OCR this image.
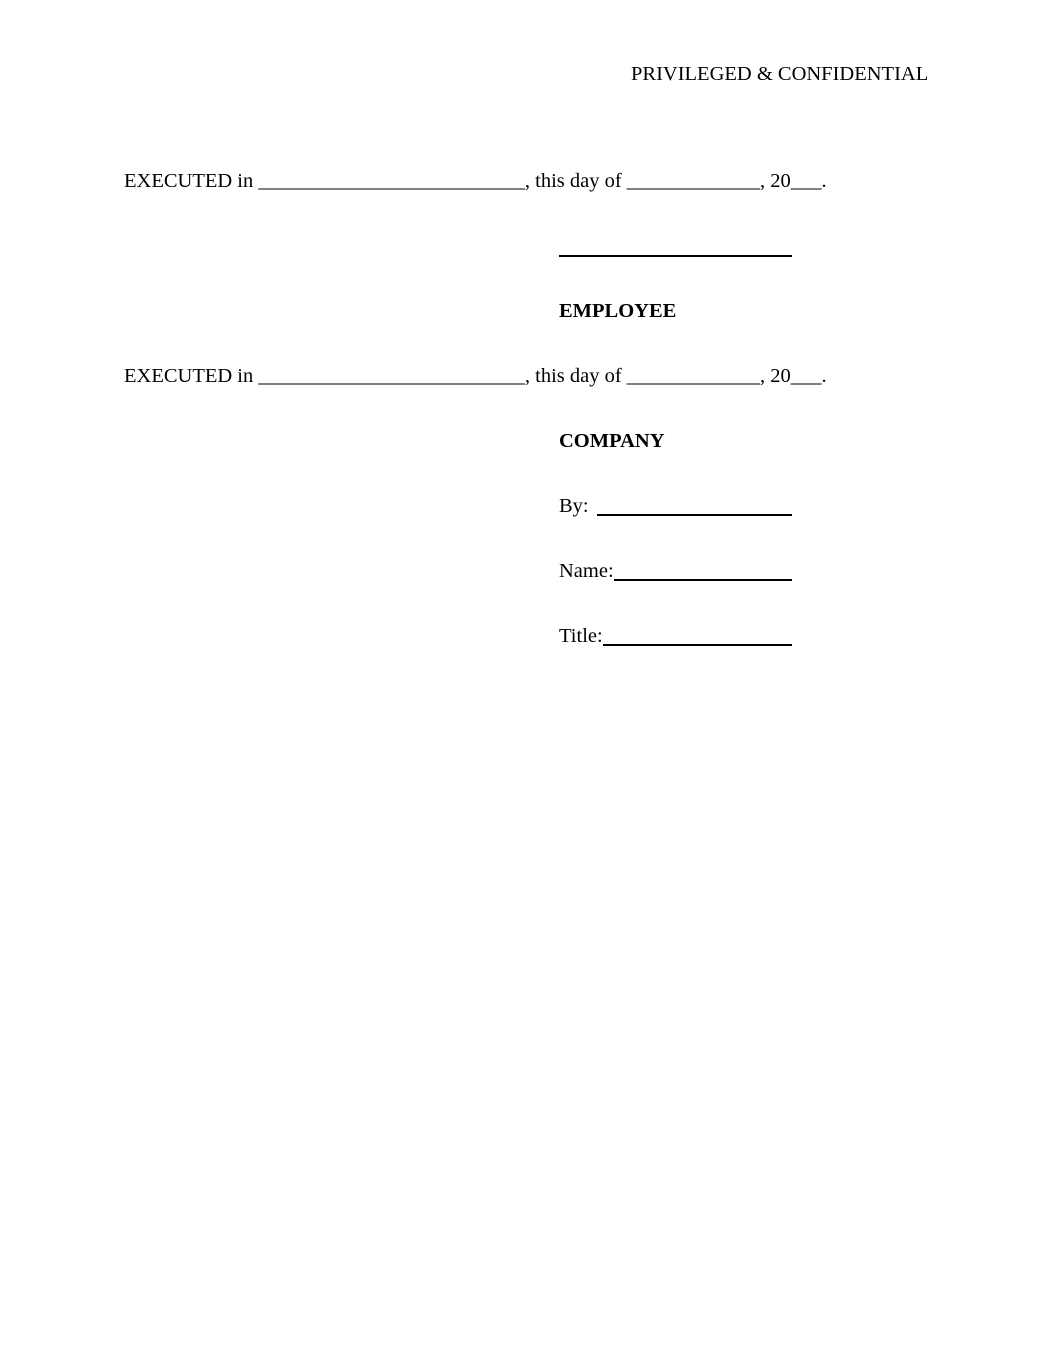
PRIVILEGED & CONFIDENTIAL
EXECUTED in __________________________, this day of _____________, 20___.
EMPLOYEE
EXECUTED in __________________________, this day of _____________, 20___.
COMPANY
By:
Name:
Title:
